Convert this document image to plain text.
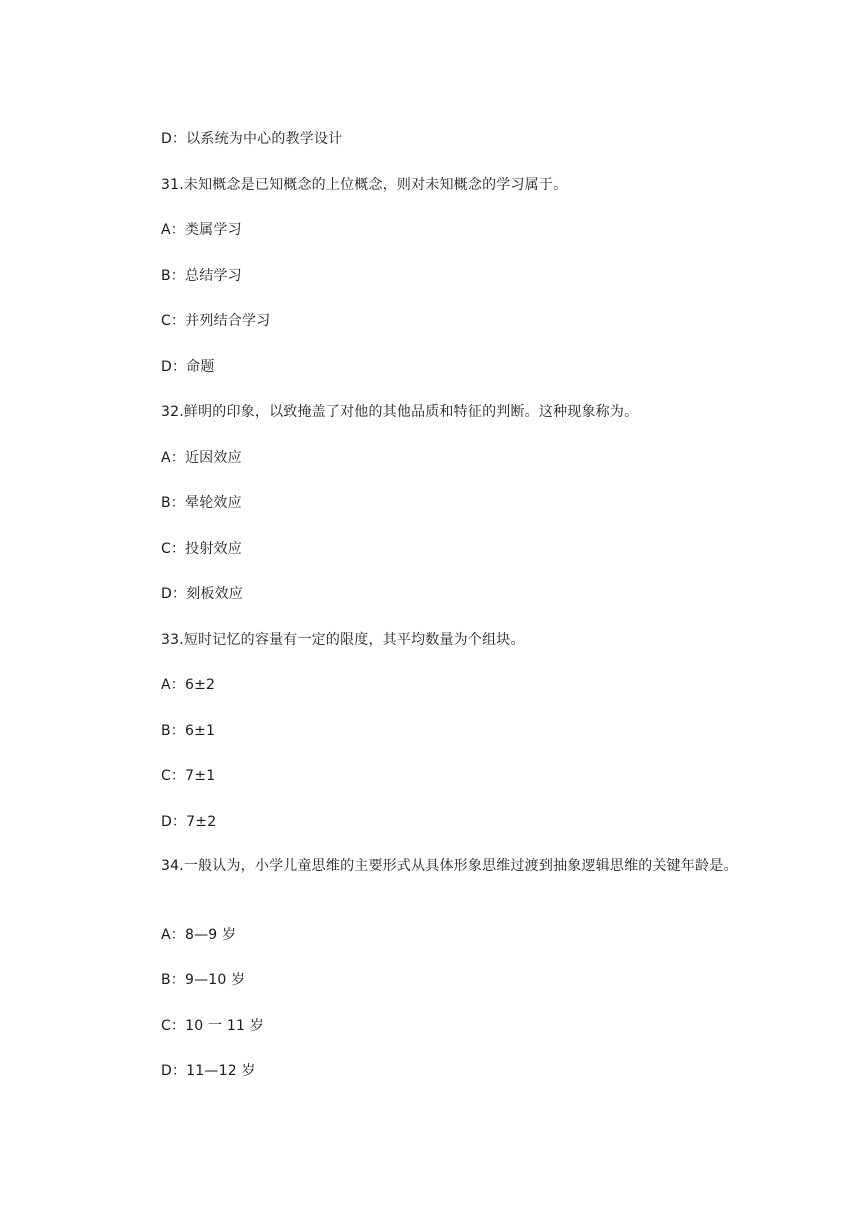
D：以系统为中心的教学设计
31.未知概念是已知概念的上位概念，则对未知概念的学习属于。
A：类属学习
B：总结学习
C：并列结合学习
D：命题
32.鲜明的印象，以致掩盖了对他的其他品质和特征的判断。这种现象称为。
A：近因效应
B：晕轮效应
C：投射效应
D：刻板效应
33.短时记忆的容量有一定的限度，其平均数量为个组块。
A：6±2
B：6±1
C：7±1
D：7±2
34.一般认为，小学儿童思维的主要形式从具体形象思维过渡到抽象逻辑思维的关键年龄是。
A：8—9 岁
B：9—10 岁
C：10 一 11 岁
D：11—12 岁
